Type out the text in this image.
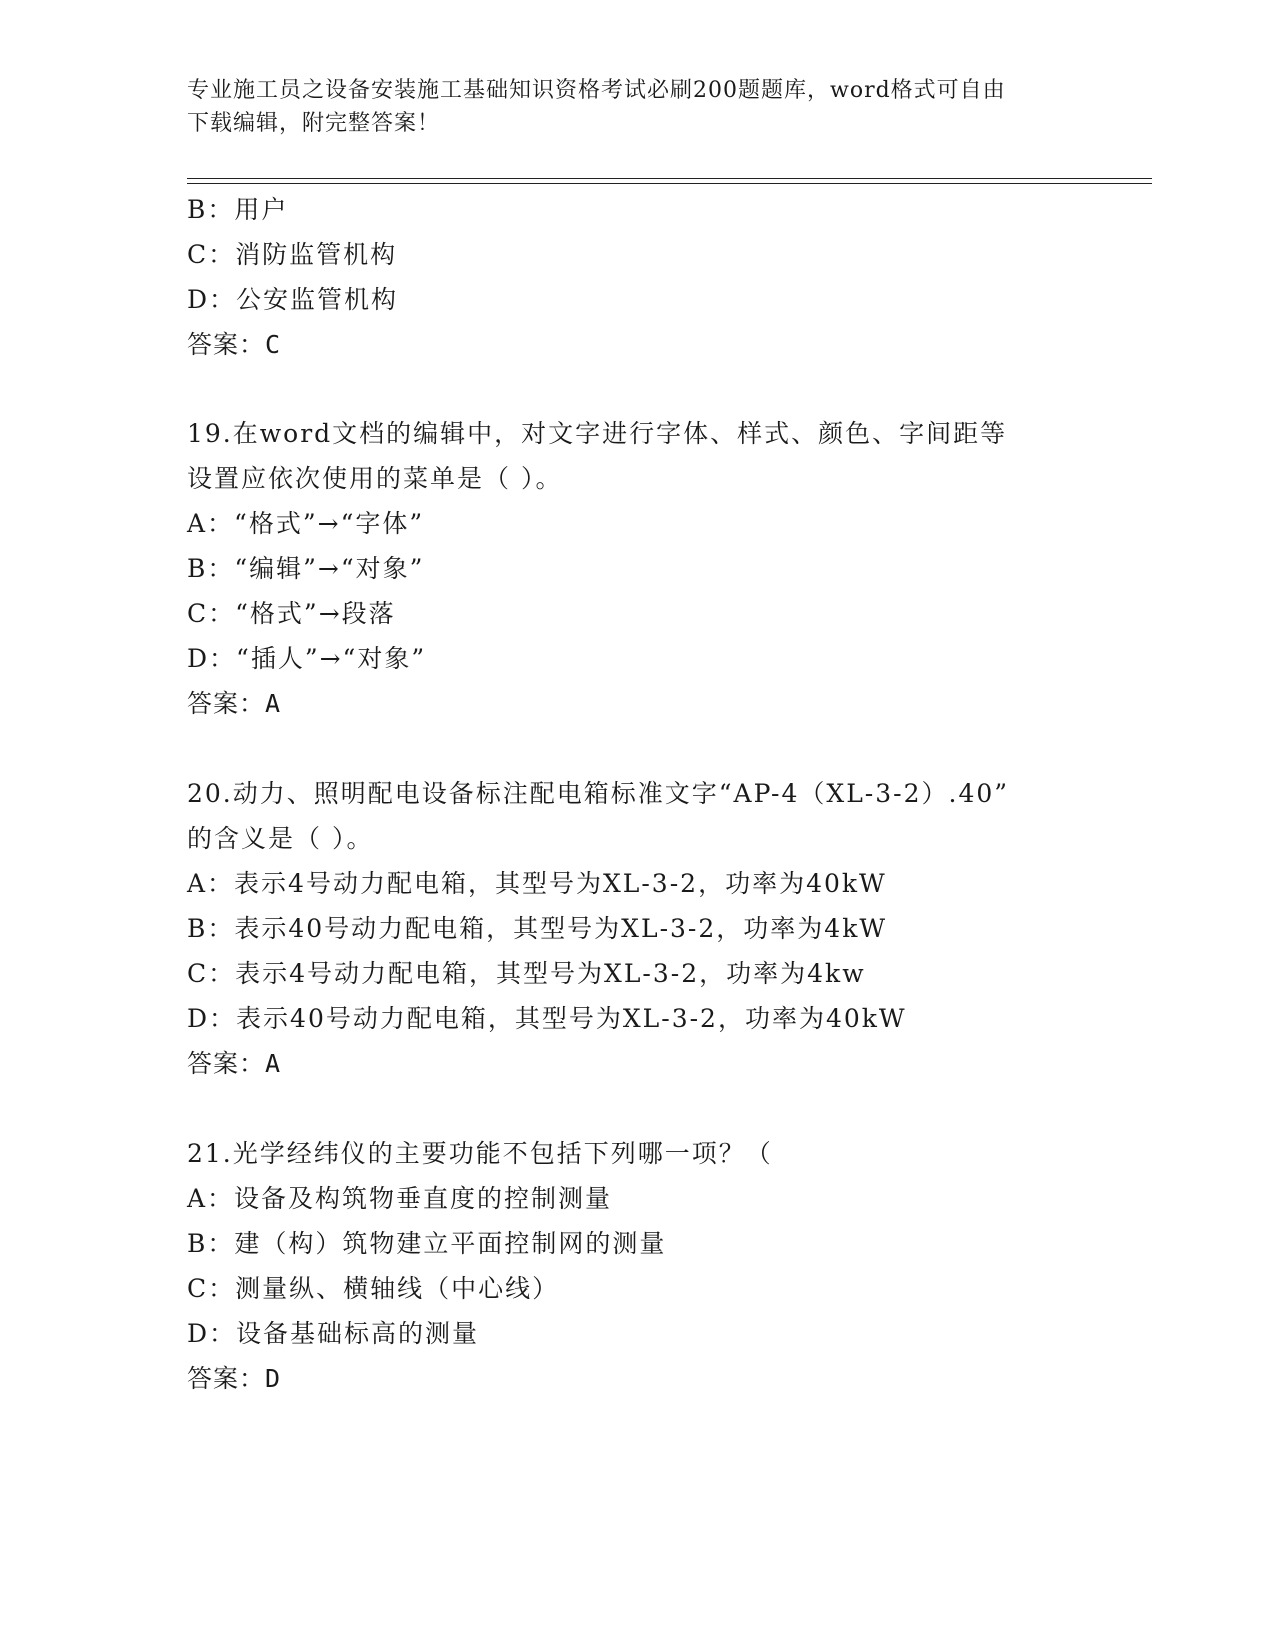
专业施工员之设备安装施工基础知识资格考试必刷200题题库，word格式可自由
下载编辑，附完整答案！
B：用户
C：消防监管机构
D：公安监管机构
答案：C
19.在word文档的编辑中，对文字进行字体、样式、颜色、字间距等
设置应依次使用的菜单是（ ）。
A：“格式”→“字体”
B：“编辑”→“对象”
C：“格式”→段落
D：“插人”→“对象”
答案：A
20.动力、照明配电设备标注配电箱标准文字“AP-4（XL-3-2）.40”
的含义是（ ）。
A：表示4号动力配电箱，其型号为XL-3-2，功率为40kW
B：表示40号动力配电箱，其型号为XL-3-2，功率为4kW
C：表示4号动力配电箱，其型号为XL-3-2，功率为4kw
D：表示40号动力配电箱，其型号为XL-3-2，功率为40kW
答案：A
21.光学经纬仪的主要功能不包括下列哪一项？（
A：设备及构筑物垂直度的控制测量
B：建（构）筑物建立平面控制网的测量
C：测量纵、横轴线（中心线）
D：设备基础标高的测量
答案：D
